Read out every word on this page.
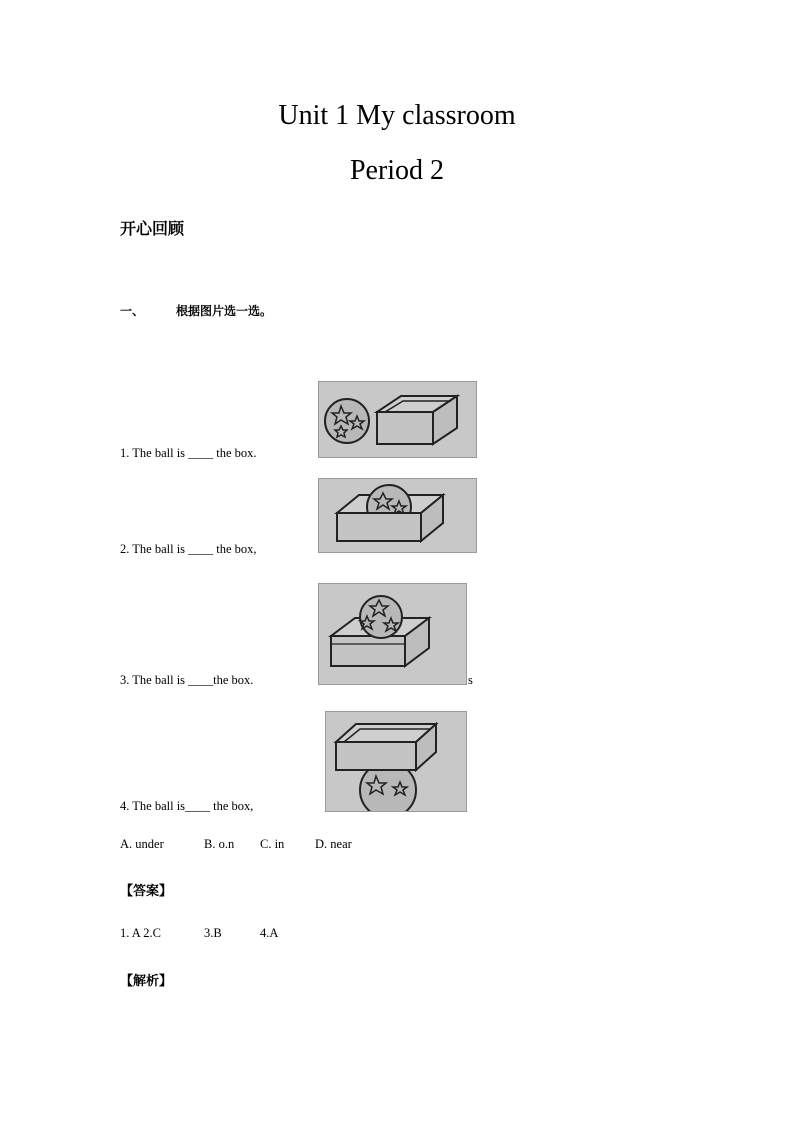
Unit 1 My classroom
Period 2
开心回顾
一、	根据图片选一选。
1. The ball is ____ the box.
2. The ball is ____ the box,
3. The ball is ____the box.	s
4. The ball is____ the box,
A. under	B. o.n C. in D. near
【答案】
1. A 2.C	3.B	4.A
【解析】
